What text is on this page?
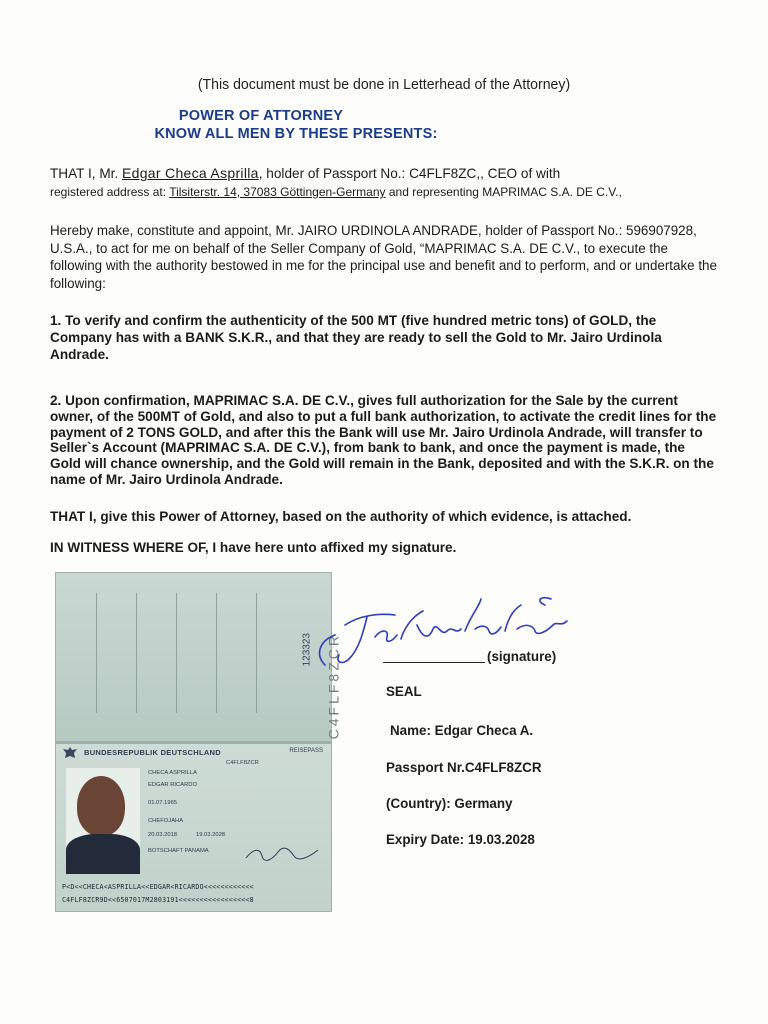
(This document must be done in Letterhead of the Attorney)
POWER OF ATTORNEY
KNOW ALL MEN BY THESE PRESENTS:
THAT I, Mr. Edgar Checa Asprilla, holder of Passport No.: C4FLF8ZC,, CEO of with
registered address at: Tilsiterstr. 14, 37083 Göttingen-Germany and representing MAPRIMAC S.A. DE C.V.,
Hereby make, constitute and appoint, Mr. JAIRO URDINOLA ANDRADE, holder of Passport No.: 596907928, U.S.A., to act for me on behalf of the Seller Company of Gold, “MAPRIMAC S.A. DE C.V., to execute the following with the authority bestowed in me for the principal use and benefit and to perform, and or undertake the following:
1. To verify and confirm the authenticity of the 500 MT (five hundred metric tons) of GOLD, the Company has with a BANK S.K.R., and that they are ready to sell the Gold to Mr. Jairo Urdinola Andrade.
2. Upon confirmation, MAPRIMAC S.A. DE C.V., gives full authorization for the Sale by the current owner, of the 500MT of Gold, and also to put a full bank authorization, to activate the credit lines for the payment of 2 TONS GOLD, and after this the Bank will use Mr. Jairo Urdinola Andrade, will transfer to Seller`s Account (MAPRIMAC S.A. DE C.V.), from bank to bank, and once the payment is made, the Gold will chance ownership, and the Gold will remain in the Bank, deposited and with the S.K.R. on the name of Mr. Jairo Urdinola Andrade.
THAT I, give this Power of Attorney, based on the authority of which evidence, is attached.
IN WITNESS WHERE OF, I have here unto affixed my signature.
123323 C4FLF8ZCR
BUNDESREPUBLIK DEUTSCHLAND	REISEPASS
C4FLF8ZCR
CHECA ASPRILLA
EDGAR RICARDO
01.07.1965
CHEFOJAHA
20.03.2018	19.03.2028
BOTSCHAFT PANAMA
P<D<<CHECA<ASPRILLA<<EDGAR<RICARDO<<<<<<<<<<<<
C4FLF8ZCR9D<<6507017M2803191<<<<<<<<<<<<<<<<<8
(signature)
SEAL
Name: Edgar Checa A.
Passport Nr.C4FLF8ZCR
(Country): Germany
Expiry Date: 19.03.2028
